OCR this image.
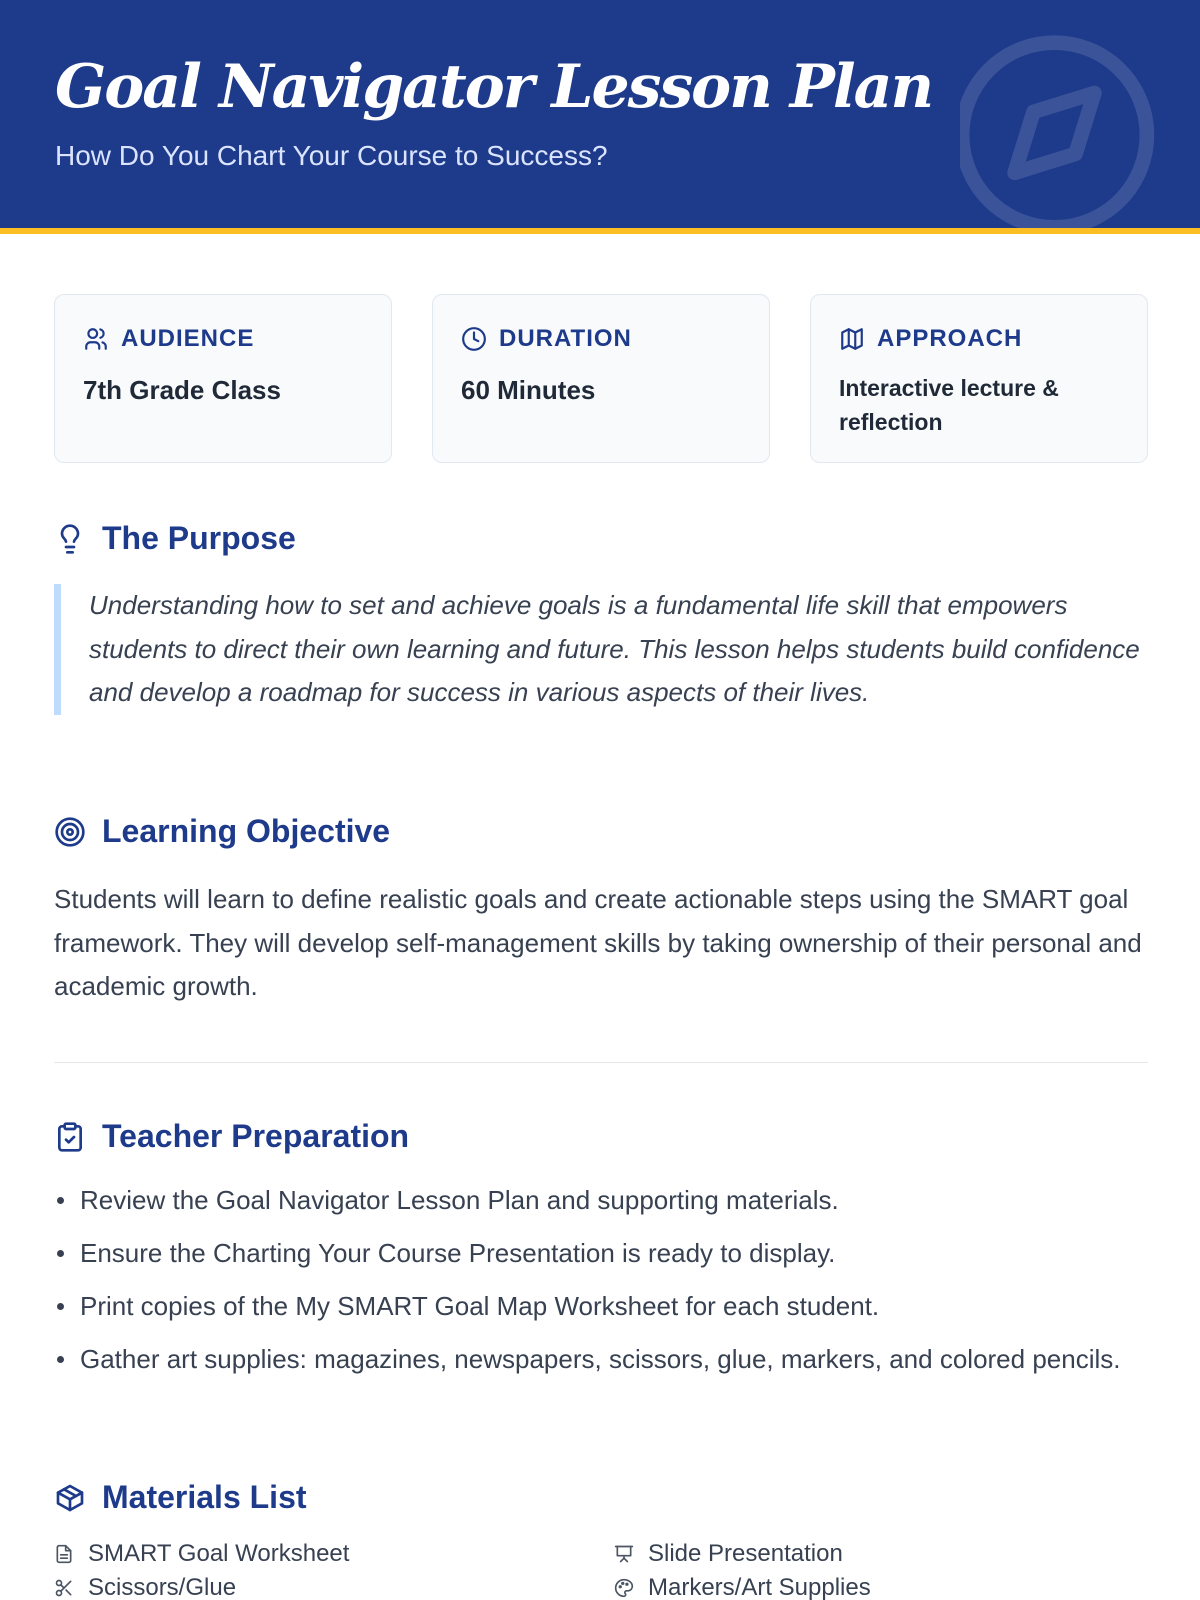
Goal Navigator Lesson Plan
How Do You Chart Your Course to Success?
AUDIENCE
7th Grade Class
DURATION
60 Minutes
APPROACH
Interactive lecture & reflection
The Purpose
Understanding how to set and achieve goals is a fundamental life skill that empowers students to direct their own learning and future. This lesson helps students build confidence and develop a roadmap for success in various aspects of their lives.
Learning Objective
Students will learn to define realistic goals and create actionable steps using the SMART goal framework. They will develop self-management skills by taking ownership of their personal and academic growth.
Teacher Preparation
Review the Goal Navigator Lesson Plan and supporting materials.
Ensure the Charting Your Course Presentation is ready to display.
Print copies of the My SMART Goal Map Worksheet for each student.
Gather art supplies: magazines, newspapers, scissors, glue, markers, and colored pencils.
Materials List
SMART Goal Worksheet	Slide Presentation
Scissors/Glue	Markers/Art Supplies
